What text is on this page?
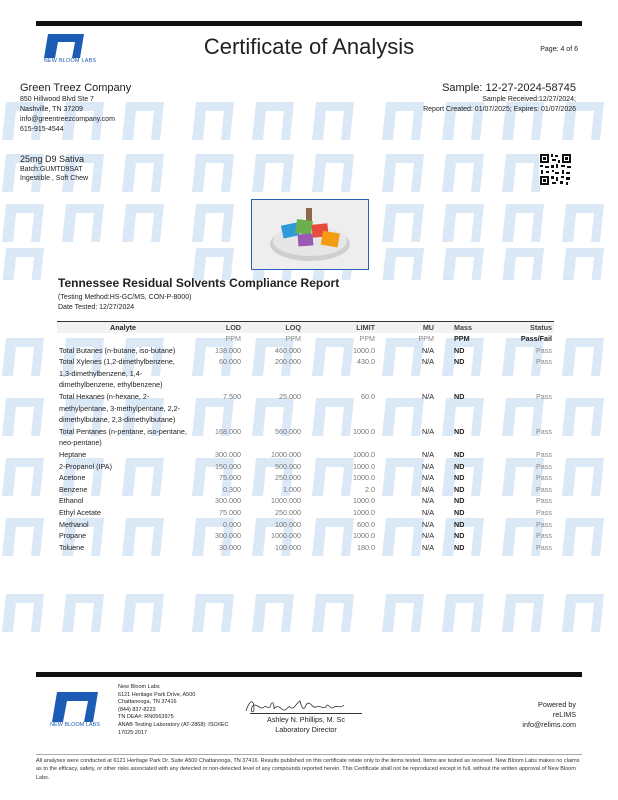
NEW BLOOM LABS
Certificate of Analysis	Page: 4 of 6
Green Treez Company
850 Hillwood Blvd Ste 7
Nashville, TN 37209
info@greentreezcompany.com
615-915-4544
Sample: 12-27-2024-58745
Sample Received:12/27/2024;
Report Created: 01/07/2025; Expires: 01/07/2026
25mg D9 Sativa
Batch:GUMTD9SAT
Ingestible , Soft Chew
Tennessee Residual Solvents Compliance Report
(Testing Method:HS-GC/MS, CON-P-8000)
Date Tested: 12/27/2024
Analyte	LOD	LOQ	LIMIT	MU	Mass	Status
	PPM	PPM	PPM	PPM	PPM	Pass/Fail
Total Butanes (n-butane, iso-butane)	138.000	460.000	1000.0	N/A	ND	Pass
Total Xylenes (1,2-dimethylbenzene, 1,3-dimethylbenzene, 1,4-dimethylbenzene, ethylbenzene)	60.000	200.000	430.0	N/A	ND	Pass
Total Hexanes (n-hexane, 2-methylpentane, 3-methylpentane, 2,2-dimethylbutane, 2,3-dimethylbutane)	7.500	25.000	60.0	N/A	ND	Pass
Total Pentanes (n-pentane, iso-pentane, neo-pentane)	168.000	560.000	1000.0	N/A	ND	Pass
Heptane	300.000	1000.000	1000.0	N/A	ND	Pass
2-Propanol (IPA)	150.000	500.000	1000.0	N/A	ND	Pass
Acetone	75.000	250.000	1000.0	N/A	ND	Pass
Benzene	0.300	1.000	2.0	N/A	ND	Pass
Ethanol	300.000	1000.000	1000.0	N/A	ND	Pass
Ethyl Acetate	75.000	250.000	1000.0	N/A	ND	Pass
Methanol	0.000	100.000	600.0	N/A	ND	Pass
Propane	300.000	1000.000	1000.0	N/A	ND	Pass
Toluene	30.000	100.000	180.0	N/A	ND	Pass
NEW BLOOM LABS
New Bloom Labs
6121 Heritage Park Drive, A500
Chattanooga, TN 37416
(844) 837-8223
TN DEA#: RN0563975
ANAB Testing Laboratory (AT-2868): ISO/IEC
17025:2017
Ashley N. Phillips, M. Sc
Laboratory Director
Powered by
reLIMS
info@relims.com
All analyses were conducted at 6121 Heritage Park Dr. Suite A500 Chattanooga, TN 37416. Results published on this certificate relate only to the items tested. Items are tested as received. New Bloom Labs makes no claims as to the efficacy, safety, or other risks associated with any detected or non-detected level of any compounds reported herein. This Certificate shall not be reproduced except in full, without the written approval of New Bloom Labs.
